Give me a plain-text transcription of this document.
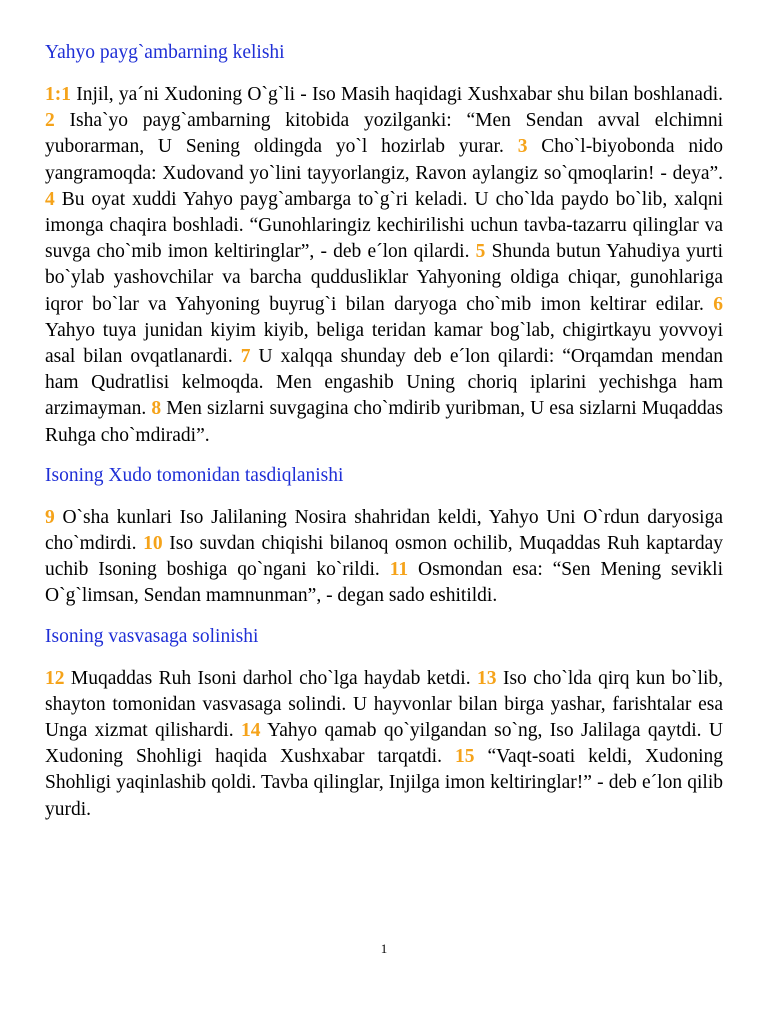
Yahyo payg`ambarning kelishi

1:1 Injil, ya´ni Xudoning O`g`li - Iso Masih haqidagi Xushxabar shu bilan boshlanadi. 2 Isha`yo payg`ambarning kitobida yozilganki: “Men Sendan avval elchimni yuborarman, U Sening oldingda yo`l hozirlab yurar. 3 Cho`l-biyobonda nido yangramoqda: Xudovand yo`lini tayyorlangiz, Ravon aylangiz so`qmoqlarin! - deya”. 4 Bu oyat xuddi Yahyo payg`ambarga to`g`ri keladi. U cho`lda paydo bo`lib, xalqni imonga chaqira boshladi. “Gunohlaringiz kechirilishi uchun tavba-tazarru qilinglar va suvga cho`mib imon keltiringlar”, - deb e´lon qilardi. 5 Shunda butun Yahudiya yurti bo`ylab yashovchilar va barcha quddusliklar Yahyoning oldiga chiqar, gunohlariga iqror bo`lar va Yahyoning buyrug`i bilan daryoga cho`mib imon keltirar edilar. 6 Yahyo tuya junidan kiyim kiyib, beliga teridan kamar bog`lab, chigirtkayu yovvoyi asal bilan ovqatlanardi. 7 U xalqqa shunday deb e´lon qilardi: “Orqamdan mendan ham Qudratlisi kelmoqda. Men engashib Uning choriq iplarini yechishga ham arzimayman. 8 Men sizlarni suvgagina cho`mdirib yuribman, U esa sizlarni Muqaddas Ruhga cho`mdiradi”.

Isoning Xudo tomonidan tasdiqlanishi

9 O`sha kunlari Iso Jalilaning Nosira shahridan keldi, Yahyo Uni O`rdun daryosiga cho`mdirdi. 10 Iso suvdan chiqishi bilanoq osmon ochilib, Muqaddas Ruh kaptarday uchib Isoning boshiga qo`ngani ko`rildi. 11 Osmondan esa: “Sen Mening sevikli O`g`limsan, Sendan mamnunman”, - degan sado eshitildi.

Isoning vasvasaga solinishi

12 Muqaddas Ruh Isoni darhol cho`lga haydab ketdi. 13 Iso cho`lda qirq kun bo`lib, shayton tomonidan vasvasaga solindi. U hayvonlar bilan birga yashar, farishtalar esa Unga xizmat qilishardi. 14 Yahyo qamab qo`yilgandan so`ng, Iso Jalilaga qaytdi. U Xudoning Shohligi haqida Xushxabar tarqatdi. 15 “Vaqt-soati keldi, Xudoning Shohligi yaqinlashib qoldi. Tavba qilinglar, Injilga imon keltiringlar!” - deb e´lon qilib yurdi.

1
